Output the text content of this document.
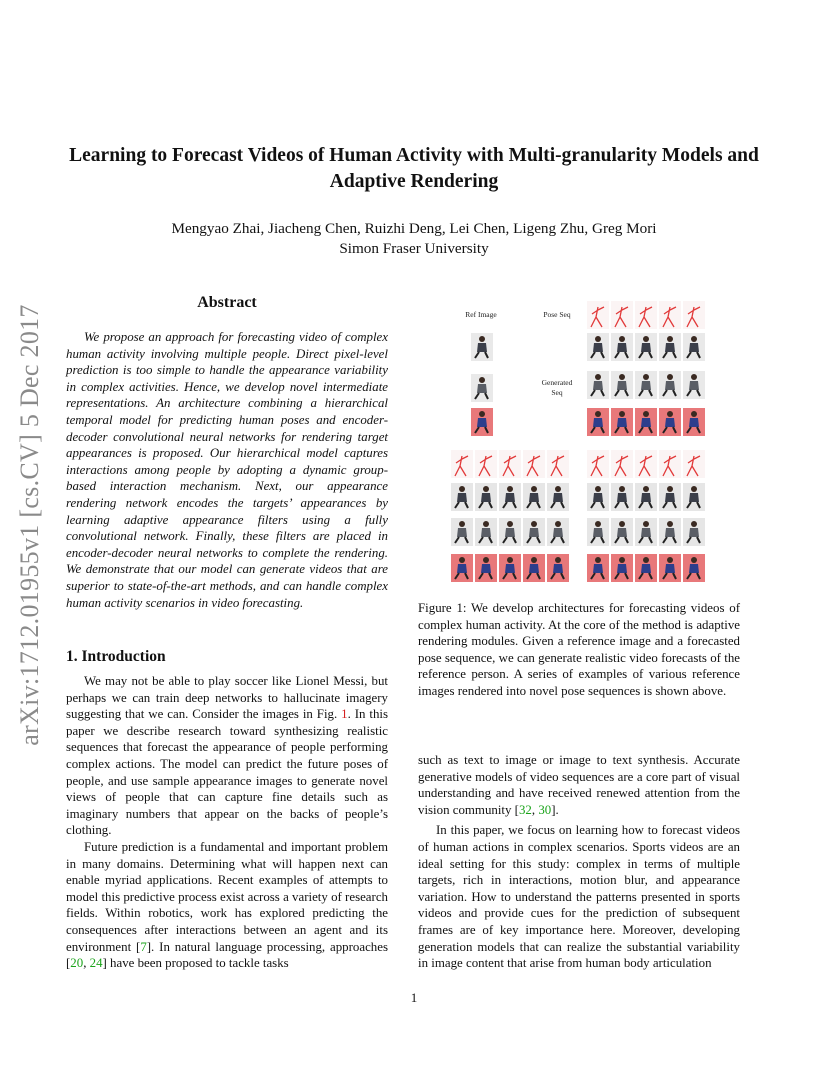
Learning to Forecast Videos of Human Activity with Multi-granularity Models and Adaptive Rendering
Mengyao Zhai, Jiacheng Chen, Ruizhi Deng, Lei Chen, Ligeng Zhu, Greg Mori
Simon Fraser University
arXiv:1712.01955v1 [cs.CV] 5 Dec 2017
Abstract

We propose an approach for forecasting video of complex human activity involving multiple people. Direct pixel-level prediction is too simple to handle the appearance variability in complex activities. Hence, we develop novel intermediate representations. An architecture combining a hierarchical temporal model for predicting human poses and encoder-decoder convolutional neural networks for rendering target appearances is proposed. Our hierarchical model captures interactions among people by adopting a dynamic group-based interaction mechanism. Next, our appearance rendering network encodes the targets’ appearances by learning adaptive appearance filters using a fully convolutional network. Finally, these filters are placed in encoder-decoder neural networks to complete the rendering. We demonstrate that our model can generate videos that are superior to state-of-the-art methods, and can handle complex human activity scenarios in video forecasting.

1. Introduction

We may not be able to play soccer like Lionel Messi, but perhaps we can train deep networks to hallucinate imagery suggesting that we can. Consider the images in Fig. 1. In this paper we describe research toward synthesizing realistic sequences that forecast the appearance of people performing complex actions. The model can predict the future poses of people, and use sample appearance images to generate novel views of people that can capture fine details such as imaginary numbers that appear on the backs of people’s clothing.

Future prediction is a fundamental and important problem in many domains. Determining what will happen next can enable myriad applications. Recent examples of attempts to model this predictive process exist across a variety of research fields. Within robotics, work has explored predicting the consequences after interactions between an agent and its environment [7]. In natural language processing, approaches [20, 24] have been proposed to tackle tasks

Ref Image	Pose Seq
Generated
Seq

Figure 1: We develop architectures for forecasting videos of complex human activity. At the core of the method is adaptive rendering modules. Given a reference image and a forecasted pose sequence, we can generate realistic video forecasts of the reference person. A series of examples of various reference images rendered into novel pose sequences is shown above.

such as text to image or image to text synthesis. Accurate generative models of video sequences are a core part of visual understanding and have received renewed attention from the vision community [32, 30].

In this paper, we focus on learning how to forecast videos of human actions in complex scenarios. Sports videos are an ideal setting for this study: complex in terms of multiple targets, rich in interactions, motion blur, and appearance variation. How to understand the patterns presented in sports videos and provide cues for the prediction of subsequent frames are of key importance here. Moreover, developing generation models that can realize the substantial variability in image content that arise from human body articulation

1
